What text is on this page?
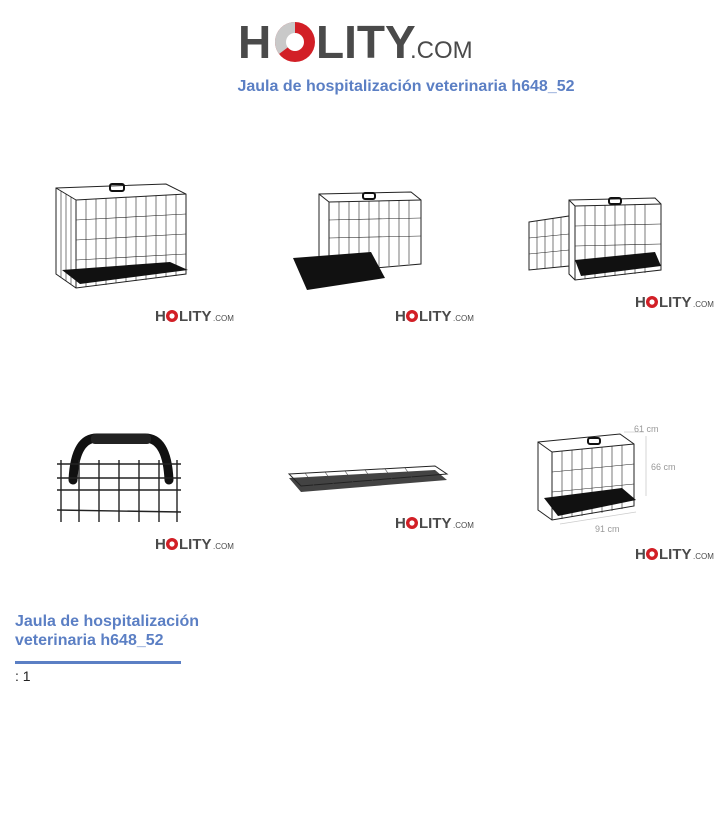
H LITY
.COM
Jaula de hospitalización veterinaria h648_52
H LITY .COM	H LITY .COM
H LITY .COM
H LITY .COM
H LITY .COM
61 cm
66 cm
91 cm
H LITY .COM
Jaula de hospitalización veterinaria h648_52
: 1
